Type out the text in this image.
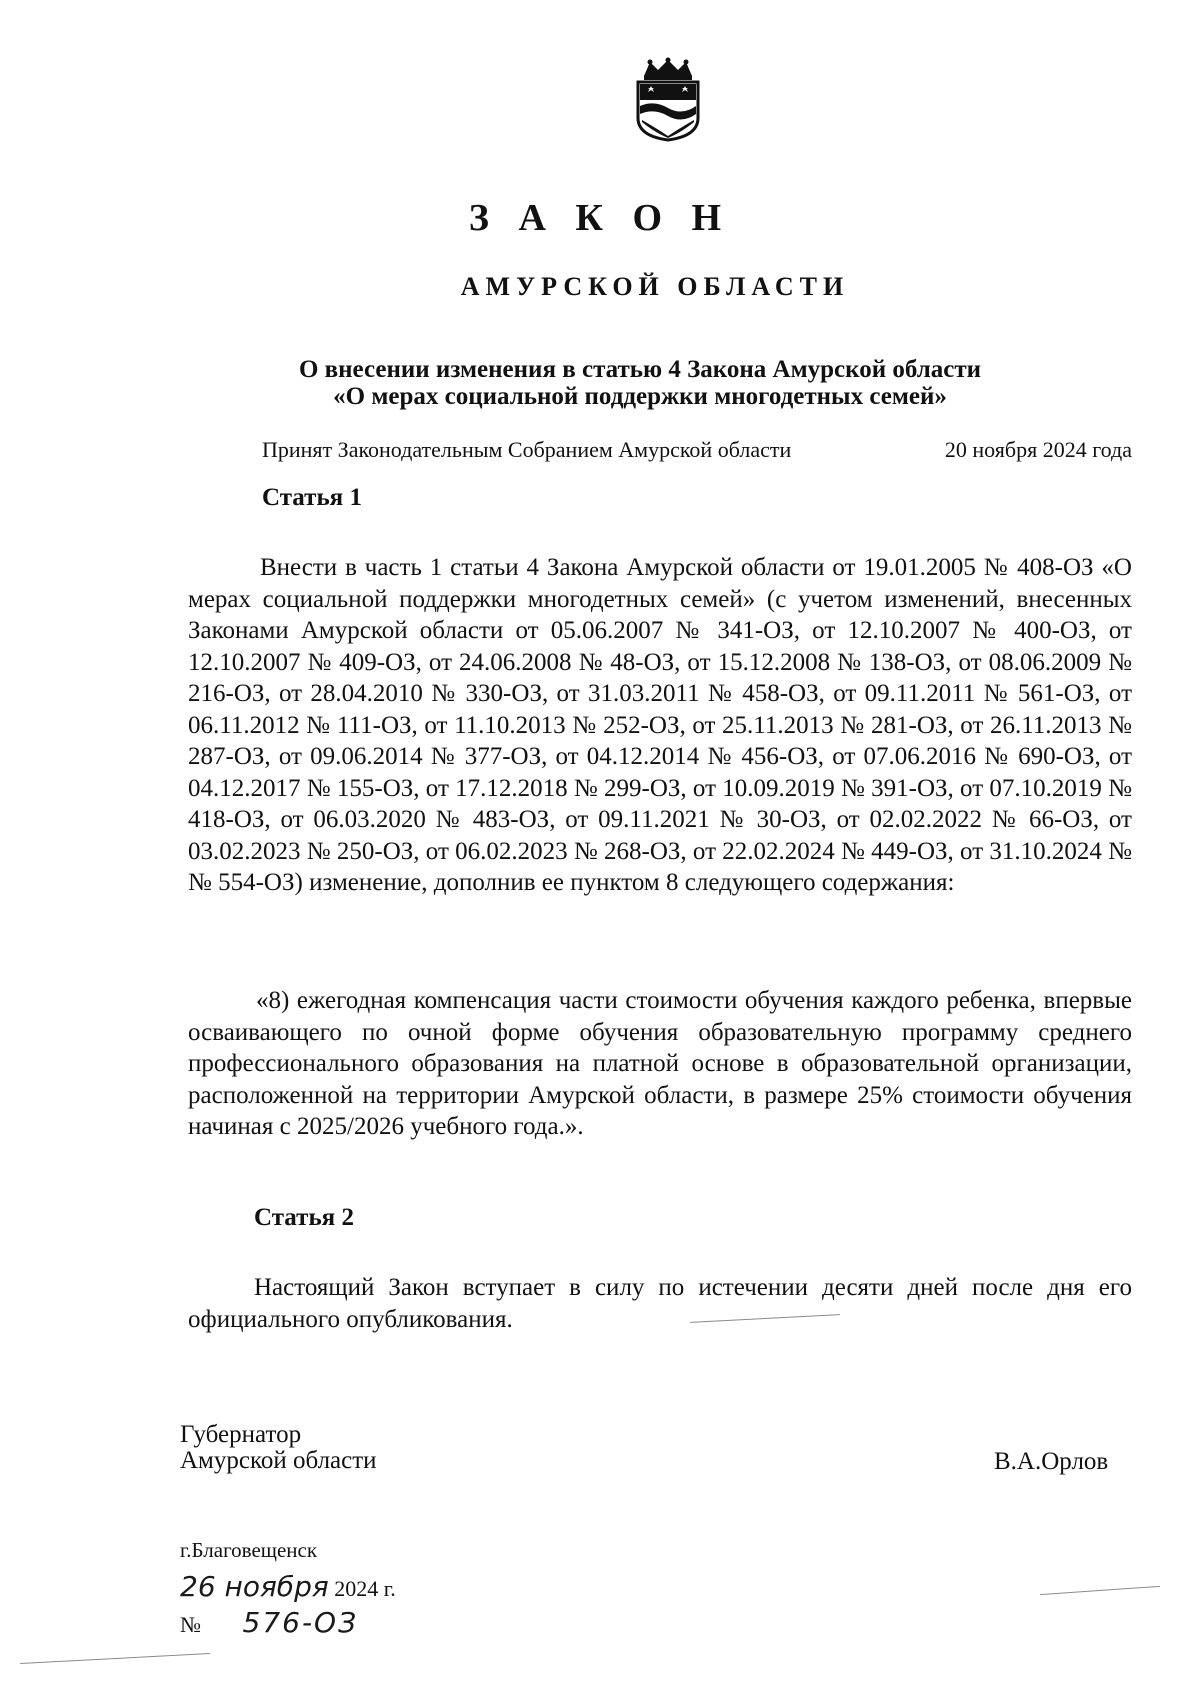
З А К О Н
АМУРСКОЙ ОБЛАСТИ
О внесении изменения в статью 4 Закона Амурской области
«О мерах социальной поддержки многодетных семей»
Принят Законодательным Собранием Амурской области	20 ноября 2024 года
Статья 1
Внести в часть 1 статьи 4 Закона Амурской области от 19.01.2005 № 408-ОЗ «О мерах социальной поддержки многодетных семей» (с учетом изменений, внесенных Законами Амурской области от 05.06.2007 № 341-ОЗ, от 12.10.2007 № 400-ОЗ, от 12.10.2007 № 409-ОЗ, от 24.06.2008 № 48-ОЗ, от 15.12.2008 № 138-ОЗ, от 08.06.2009 № 216-ОЗ, от 28.04.2010 № 330-ОЗ, от 31.03.2011 № 458-ОЗ, от 09.11.2011 № 561-ОЗ, от 06.11.2012 № 111-ОЗ, от 11.10.2013 № 252-ОЗ, от 25.11.2013 № 281-ОЗ, от 26.11.2013 № 287-ОЗ, от 09.06.2014 № 377-ОЗ, от 04.12.2014 № 456-ОЗ, от 07.06.2016 № 690-ОЗ, от 04.12.2017 № 155-ОЗ, от 17.12.2018 № 299-ОЗ, от 10.09.2019 № 391-ОЗ, от 07.10.2019 № 418-ОЗ, от 06.03.2020 № 483-ОЗ, от 09.11.2021 № 30-ОЗ, от 02.02.2022 № 66-ОЗ, от 03.02.2023 № 250-ОЗ, от 06.02.2023 № 268-ОЗ, от 22.02.2024 № 449-ОЗ, от 31.10.2024 № № 554-ОЗ) изменение, дополнив ее пунктом 8 следующего содержания:
«8) ежегодная компенсация части стоимости обучения каждого ребенка, впервые осваивающего по очной форме обучения образовательную программу среднего профессионального образования на платной основе в образовательной организации, расположенной на территории Амурской области, в размере 25% стоимости обучения начиная с 2025/2026 учебного года.».
Статья 2
Настоящий Закон вступает в силу по истечении десяти дней после дня его официального опубликования.
Губернатор
Амурской области	В.А.Орлов
г.Благовещенск
26 ноября 2024 г.
№ 576-ОЗ
